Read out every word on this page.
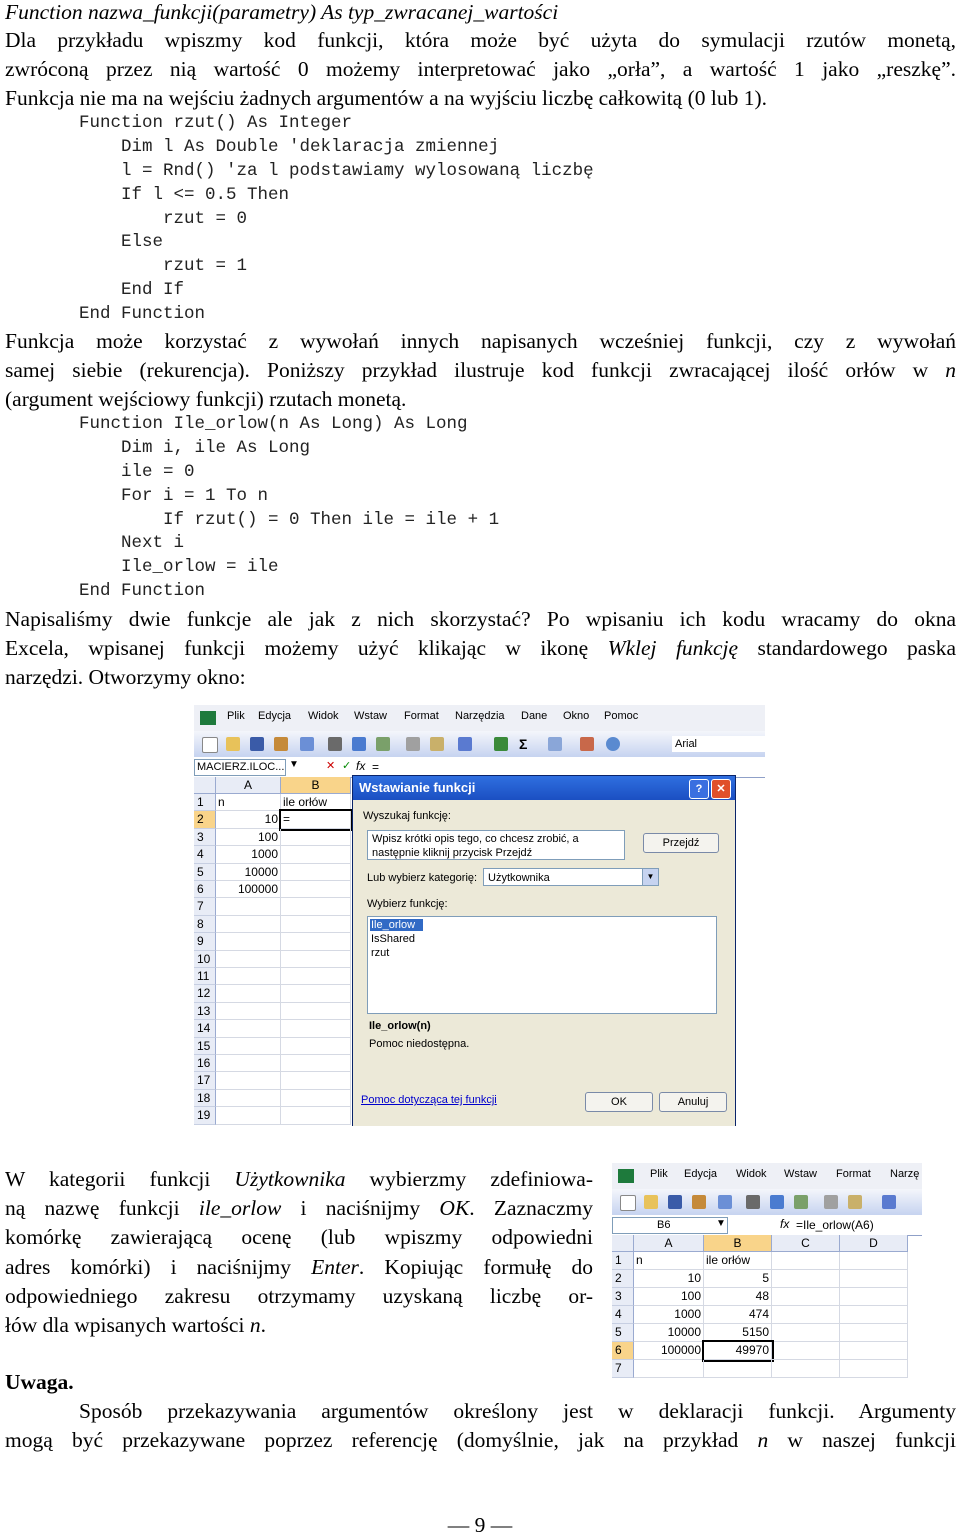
Function nazwa_funkcji(parametry) As typ_zwracanej_wartości
Dla przykładu wpiszmy kod funkcji, która może być użyta do symulacji rzutów monetą,
zwróconą przez nią wartość 0 możemy interpretować jako „orła”, a wartość 1 jako „reszkę”.
Funkcja nie ma na wejściu żadnych argumentów a na wyjściu liczbę całkowitą (0 lub 1).
Function rzut() As Integer
Dim l As Double 'deklaracja zmiennej
l = Rnd() 'za l podstawiamy wylosowaną liczbę
If l <= 0.5 Then
rzut = 0
Else
rzut = 1
End If
End Function
Funkcja może korzystać z wywołań innych napisanych wcześniej funkcji, czy z wywołań
samej siebie (rekurencja). Poniższy przykład ilustruje kod funkcji zwracającej ilość orłów w n
(argument wejściowy funkcji) rzutach monetą.
Function Ile_orlow(n As Long) As Long
Dim i, ile As Long
ile = 0
For i = 1 To n
If rzut() = 0 Then ile = ile + 1
Next i
Ile_orlow = ile
End Function
Napisaliśmy dwie funkcje ale jak z nich skorzystać? Po wpisaniu ich kodu wracamy do okna
Excela, wpisanej funkcji możemy użyć klikając w ikonę Wklej funkcję standardowego paska
narzędzi. Otworzymy okno:
Plik Edycja Widok Wstaw Format Narzędzia Dane Okno Pomoc
Σ	Arial
MACIERZ.ILOC... ▼ ✕ ✓ fx =
A	B
1	n	ile orłów
2	10 =
3	100
4	1000
5	10000
6	100000
7
8
9
10
11
12
13
14
15
16
17
18
19
Wstawianie funkcji	?	✕
Wyszukaj funkcję:
Wpisz krótki opis tego, co chcesz zrobić, a następnie kliknij przycisk Przejdź
Przejdź
Lub wybierz kategorię: Użytkownika	▼
Wybierz funkcję:
Ile_orlow
IsShared
rzut
Ile_orlow(n)
Pomoc niedostępna.
Pomoc dotycząca tej funkcji	OK	Anuluj
W kategorii funkcji Użytkownika wybierzmy zdefiniowa-
ną nazwę funkcji ile_orlow i naciśnijmy OK. Zaznaczmy
komórkę zawierającą ocenę (lub wpiszmy odpowiedni
adres komórki) i naciśnijmy Enter. Kopiując formułę do
odpowiedniego zakresu otrzymamy uzyskaną liczbę or-
łów dla wpisanych wartości n.
Plik Edycja Widok Wstaw Format Narzę
B6	▼	fx =Ile_orlow(A6)
A	B	C	D
1	n	ile orłów
2	10	5
3	100	48
4	1000	474
5	10000	5150
6	100000	49970
7
Uwaga.
Sposób przekazywania argumentów określony jest w deklaracji funkcji. Argumenty
mogą być przekazywane poprzez referencję (domyślnie, jak na przykład n w naszej funkcji
— 9 —
